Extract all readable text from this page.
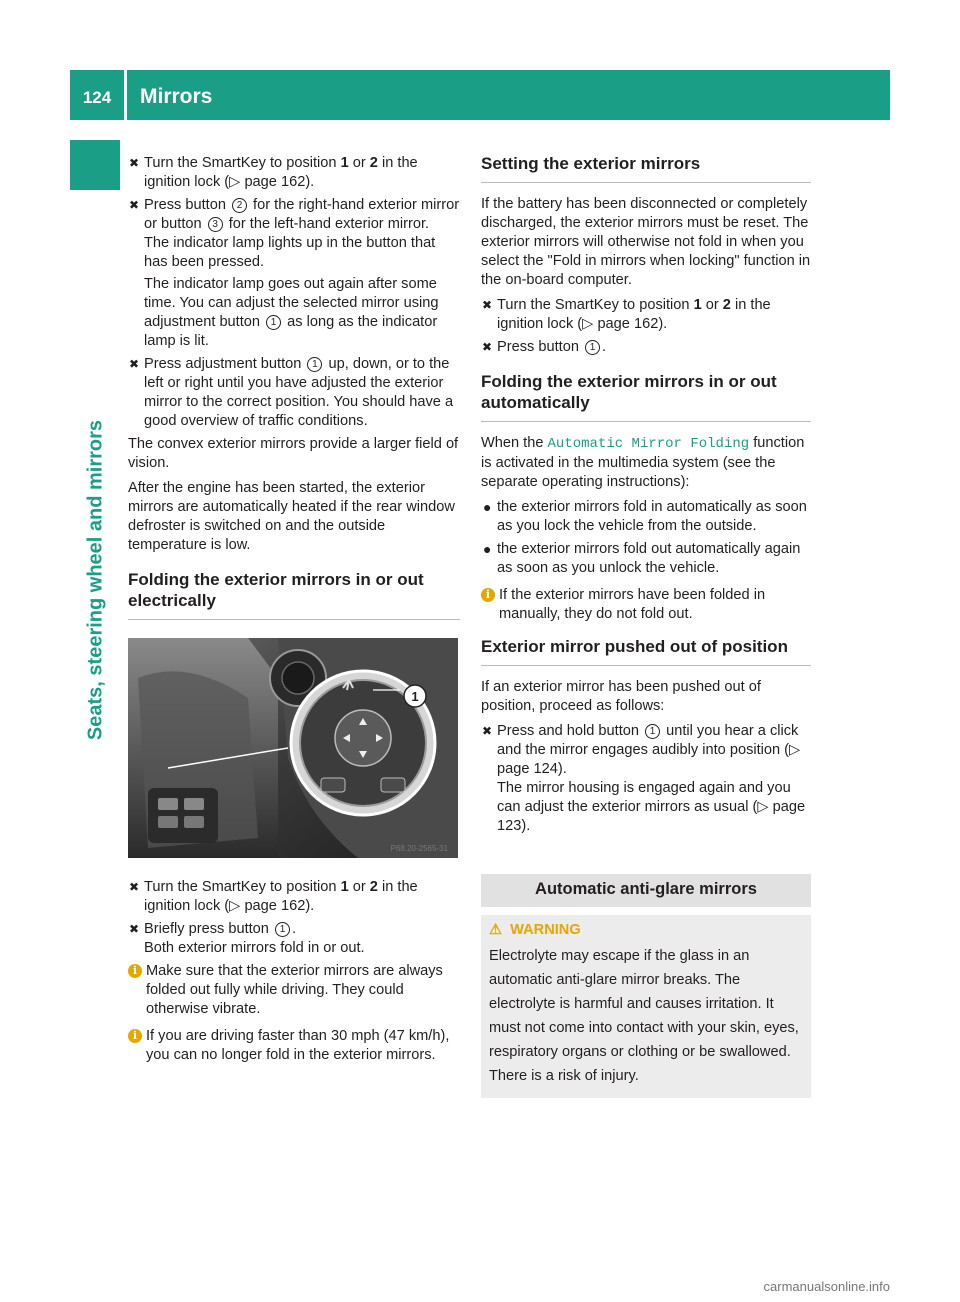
124	Mirrors
Seats, steering wheel and mirrors
✖ Turn the SmartKey to position 1 or 2 in the ignition lock (▷ page 162).
✖ Press button 2 for the right-hand exterior mirror or button 3 for the left-hand exterior mirror.
The indicator lamp lights up in the button that has been pressed.
The indicator lamp goes out again after some time. You can adjust the selected mirror using adjustment button 1 as long as the indicator lamp is lit.
✖ Press adjustment button 1 up, down, or to the left or right until you have adjusted the exterior mirror to the correct position. You should have a good overview of traffic conditions.

The convex exterior mirrors provide a larger field of vision.

After the engine has been started, the exterior mirrors are automatically heated if the rear window defroster is switched on and the outside temperature is low.

Folding the exterior mirrors in or out electrically
1
P68.20-2565-31
✖ Turn the SmartKey to position 1 or 2 in the ignition lock (▷ page 162).
✖ Briefly press button 1 .
Both exterior mirrors fold in or out.
i Make sure that the exterior mirrors are always folded out fully while driving. They could otherwise vibrate.
i If you are driving faster than 30 mph (47 km/h), you can no longer fold in the exterior mirrors.
Setting the exterior mirrors

If the battery has been disconnected or completely discharged, the exterior mirrors must be reset. The exterior mirrors will otherwise not fold in when you select the "Fold in mirrors when locking" function in the on-board computer.

✖ Turn the SmartKey to position 1 or 2 in the ignition lock (▷ page 162).
✖ Press button 1 .
Folding the exterior mirrors in or out automatically

When the Automatic Mirror Folding function is activated in the multimedia system (see the separate operating instructions):

● the exterior mirrors fold in automatically as soon as you lock the vehicle from the outside.
● the exterior mirrors fold out automatically again as soon as you unlock the vehicle.
i If the exterior mirrors have been folded in manually, they do not fold out.
Exterior mirror pushed out of position

If an exterior mirror has been pushed out of position, proceed as follows:

✖ Press and hold button 1 until you hear a click and the mirror engages audibly into position (▷ page 124).
The mirror housing is engaged again and you can adjust the exterior mirrors as usual (▷ page 123).
Automatic anti-glare mirrors
⚠ WARNING
Electrolyte may escape if the glass in an automatic anti-glare mirror breaks. The electrolyte is harmful and causes irritation. It must not come into contact with your skin, eyes, respiratory organs or clothing or be swallowed. There is a risk of injury.
carmanualsonline.info
